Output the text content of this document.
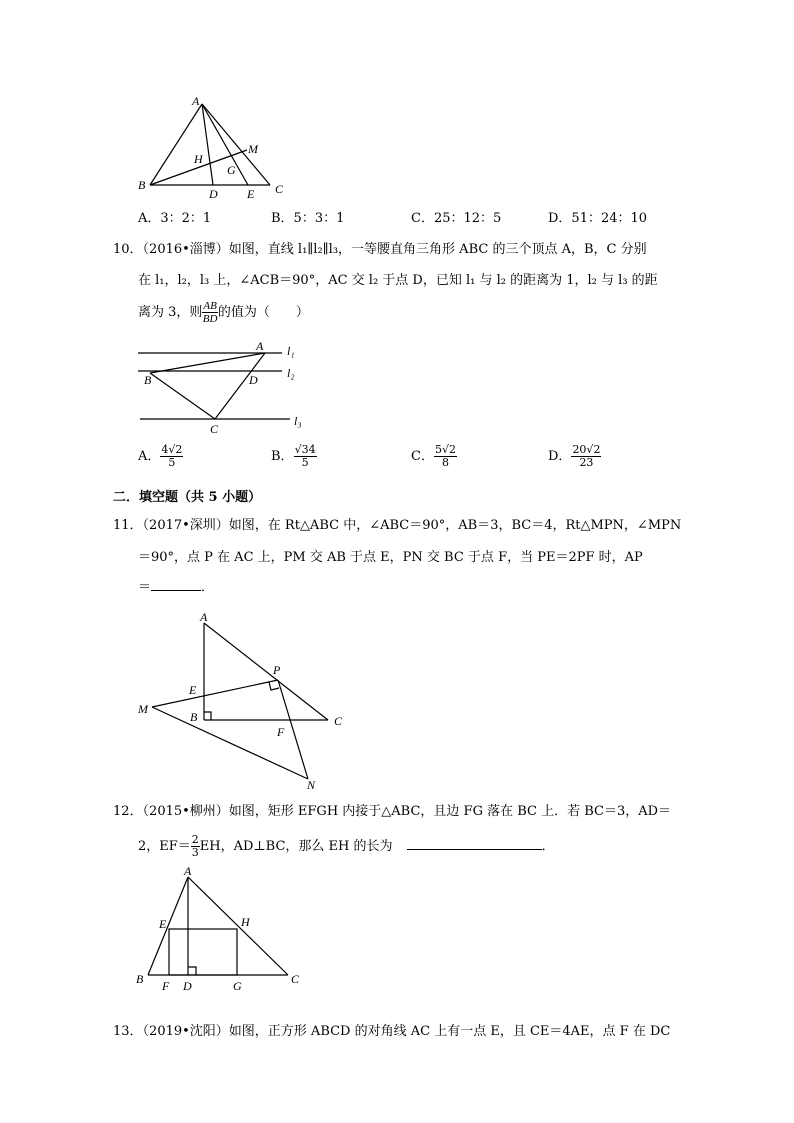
A
B	C
D E
G
H
M
A．3：2：1	B．5：3：1	C．25：12：5	D．51：24：10
10．（2016•淄博）如图，直线 l₁∥l₂∥l₃，一等腰直角三角形 ABC 的三个顶点 A，B，C 分别
在 l₁，l₂，l₃ 上，∠ACB＝90°，AC 交 l₂ 于点 D，已知 l₁ 与 l₂ 的距离为 1，l₂ 与 l₃ 的距
离为 3，则 $\frac{AB}{BD}$ 的值为（　　）
A
B
C
D
l₁
l₂
l₃
A． $\frac{4√2}{5}$	B． $\frac{√34}{5}$	C． $\frac{5√2}{8}$	D． $\frac{20√2}{23}$
二．填空题（共 5 小题）
11．（2017•深圳）如图，在 Rt△ABC 中，∠ABC＝90°，AB＝3，BC＝4，Rt△MPN，∠MPN
＝90°，点 P 在 AC 上，PM 交 AB 于点 E，PN 交 BC 于点 F，当 PE＝2PF 时，AP
＝	．
A
B	C
E
F
M
N
P
12．（2015•柳州）如图，矩形 EFGH 内接于△ABC，且边 FG 落在 BC 上．若 BC＝3，AD＝
2，$EF= \frac{2}{3}$ EH，AD⊥BC，那么 EH 的长为	．
A
B	C
D
E
F	G
H
13．（2019•沈阳）如图，正方形 ABCD 的对角线 AC 上有一点 E，且 CE＝4AE，点 F 在 DC
